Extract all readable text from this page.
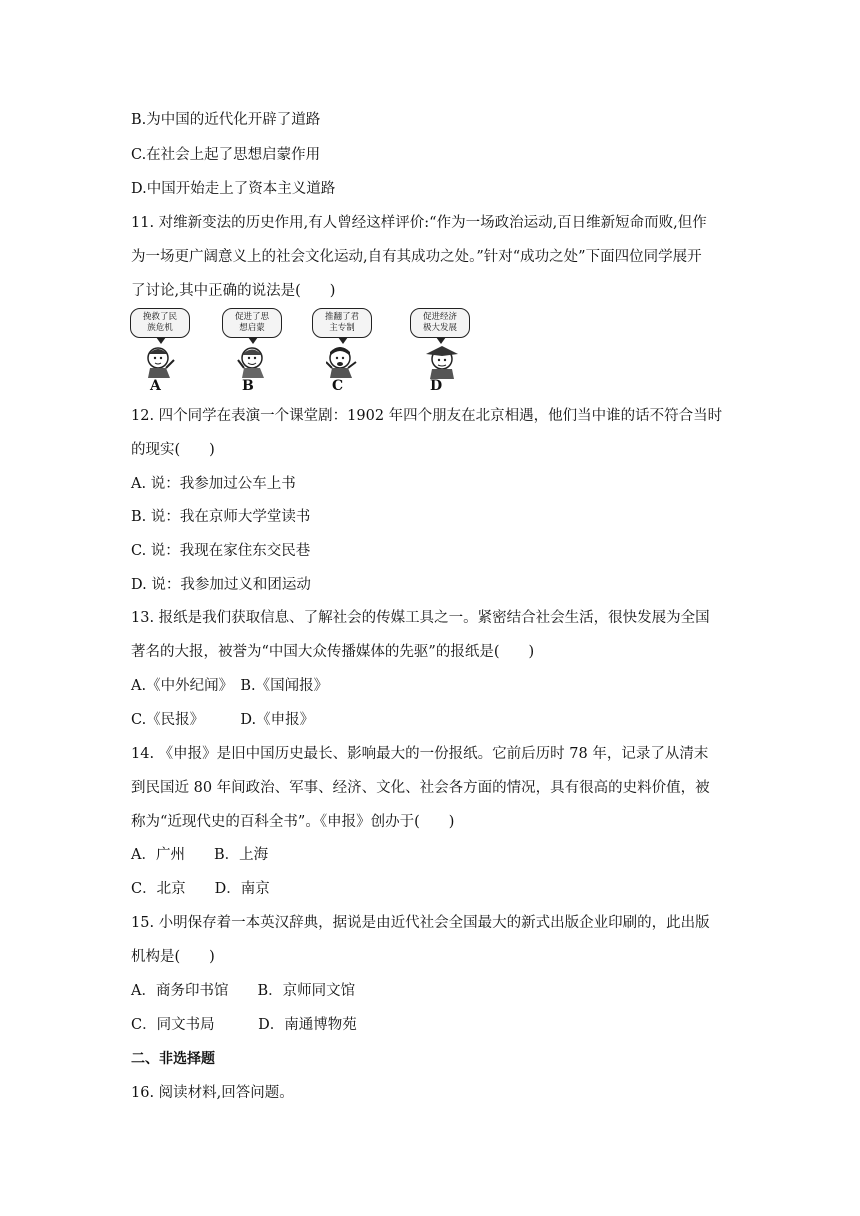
B.为中国的近代化开辟了道路
C.在社会上起了思想启蒙作用
D.中国开始走上了资本主义道路
11. 对维新变法的历史作用,有人曾经这样评价:“作为一场政治运动,百日维新短命而败,但作
为一场更广阔意义上的社会文化运动,自有其成功之处。”针对“成功之处”下面四位同学展开
了讨论,其中正确的说法是(　　)
12. 四个同学在表演一个课堂剧：1902 年四个朋友在北京相遇，他们当中谁的话不符合当时
的现实(　　)
A. 说：我参加过公车上书
B. 说：我在京师大学堂读书
C. 说：我现在家住东交民巷
D. 说：我参加过义和团运动
13. 报纸是我们获取信息、了解社会的传媒工具之一。紧密结合社会生活，很快发展为全国
著名的大报，被誉为“中国大众传播媒体的先驱”的报纸是(　　)
A.《中外纪闻》　B.《国闻报》
C.《民报》　　　D.《申报》
14. 《申报》是旧中国历史最长、影响最大的一份报纸。它前后历时 78 年，记录了从清末
到民国近 80 年间政治、军事、经济、文化、社会各方面的情况，具有很高的史料价值，被
称为“近现代史的百科全书”。《申报》创办于(　　)
A．广州　　B．上海
C．北京　　D．南京
15. 小明保存着一本英汉辞典，据说是由近代社会全国最大的新式出版企业印刷的，此出版
机构是(　　)
A．商务印书馆　　B．京师同文馆
C．同文书局　　　D．南通博物苑
二、非选择题
16. 阅读材料,回答问题。
挽救了民
族危机
A
促进了思
想启蒙
B
推翻了君
主专制
C
促进经济
极大发展
D
